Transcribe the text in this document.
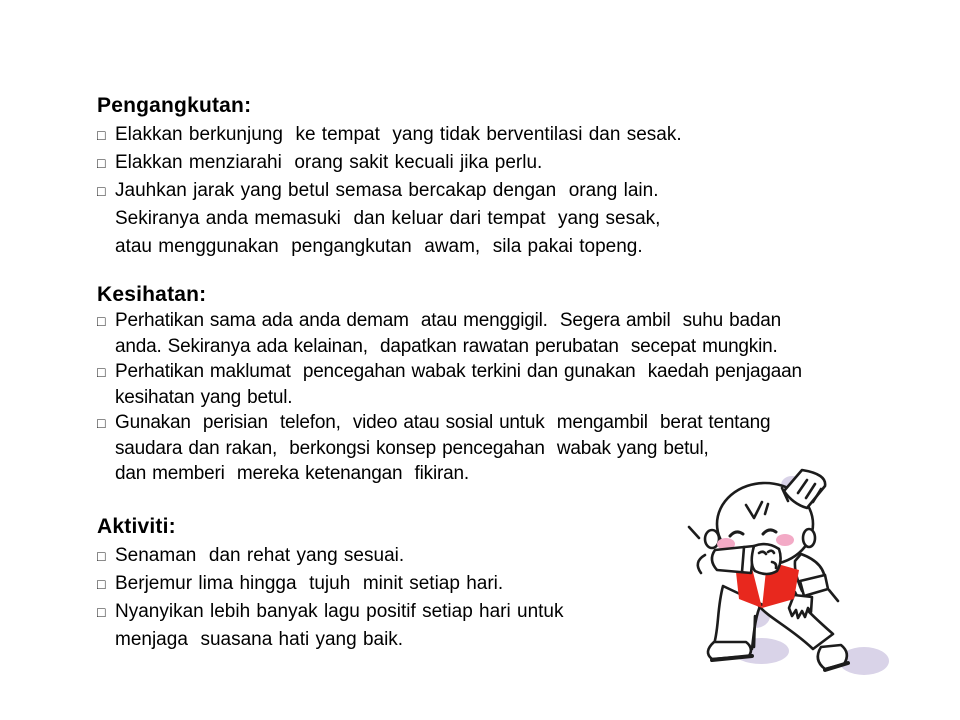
Pengangkutan:
□ Elakkan berkunjung  ke tempat  yang tidak berventilasi dan sesak.
□ Elakkan menziarahi  orang sakit kecuali jika perlu.
□ Jauhkan jarak yang betul semasa bercakap dengan  orang lain.
Sekiranya anda memasuki  dan keluar dari tempat  yang sesak,
atau menggunakan  pengangkutan  awam,  sila pakai topeng.
Kesihatan:
□ Perhatikan sama ada anda demam  atau menggigil.  Segera ambil  suhu badan
anda. Sekiranya ada kelainan,  dapatkan rawatan perubatan  secepat mungkin.
□ Perhatikan maklumat  pencegahan wabak terkini dan gunakan  kaedah penjagaan
kesihatan yang betul.
□ Gunakan  perisian  telefon,  video atau sosial untuk  mengambil  berat tentang
saudara dan rakan,  berkongsi konsep pencegahan  wabak yang betul,
dan memberi  mereka ketenangan  fikiran.
Aktiviti:
□ Senaman  dan rehat yang sesuai.
□ Berjemur lima hingga  tujuh  minit setiap hari.
□ Nyanyikan lebih banyak lagu positif setiap hari untuk
menjaga  suasana hati yang baik.
